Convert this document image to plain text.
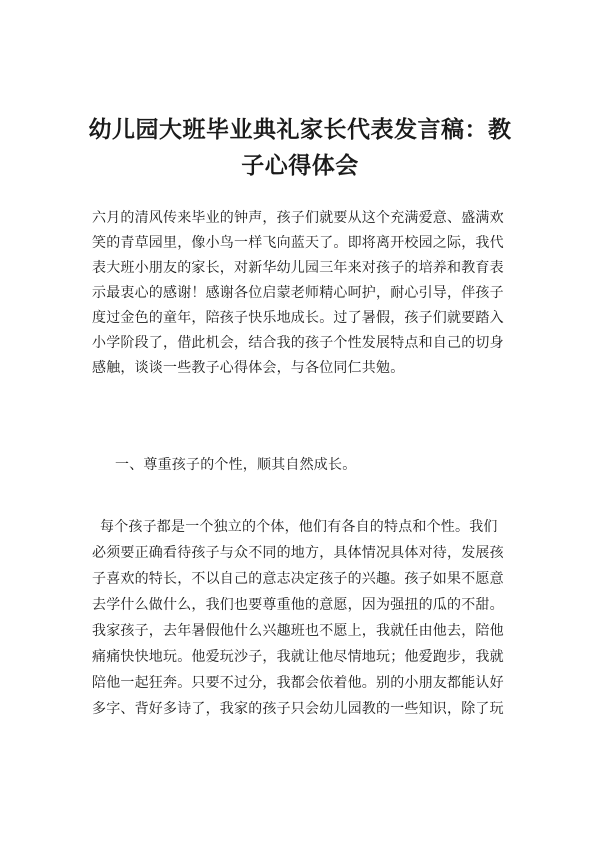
幼儿园大班毕业典礼家长代表发言稿：教
子心得体会

六月的清风传来毕业的钟声，孩子们就要从这个充满爱意、盛满欢
笑的青草园里，像小鸟一样飞向蓝天了。即将离开校园之际，我代
表大班小朋友的家长，对新华幼儿园三年来对孩子的培养和教育表
示最衷心的感谢！感谢各位启蒙老师精心呵护，耐心引导，伴孩子
度过金色的童年，陪孩子快乐地成长。过了暑假，孩子们就要踏入
小学阶段了，借此机会，结合我的孩子个性发展特点和自己的切身
感触，谈谈一些教子心得体会，与各位同仁共勉。

一、尊重孩子的个性，顺其自然成长。

每个孩子都是一个独立的个体，他们有各自的特点和个性。我们
必须要正确看待孩子与众不同的地方，具体情况具体对待，发展孩
子喜欢的特长，不以自己的意志决定孩子的兴趣。孩子如果不愿意
去学什么做什么，我们也要尊重他的意愿，因为强扭的瓜的不甜。
我家孩子，去年暑假他什么兴趣班也不愿上，我就任由他去，陪他
痛痛快快地玩。他爱玩沙子，我就让他尽情地玩；他爱跑步，我就
陪他一起狂奔。只要不过分，我都会依着他。别的小朋友都能认好
多字、背好多诗了，我家的孩子只会幼儿园教的一些知识，除了玩
